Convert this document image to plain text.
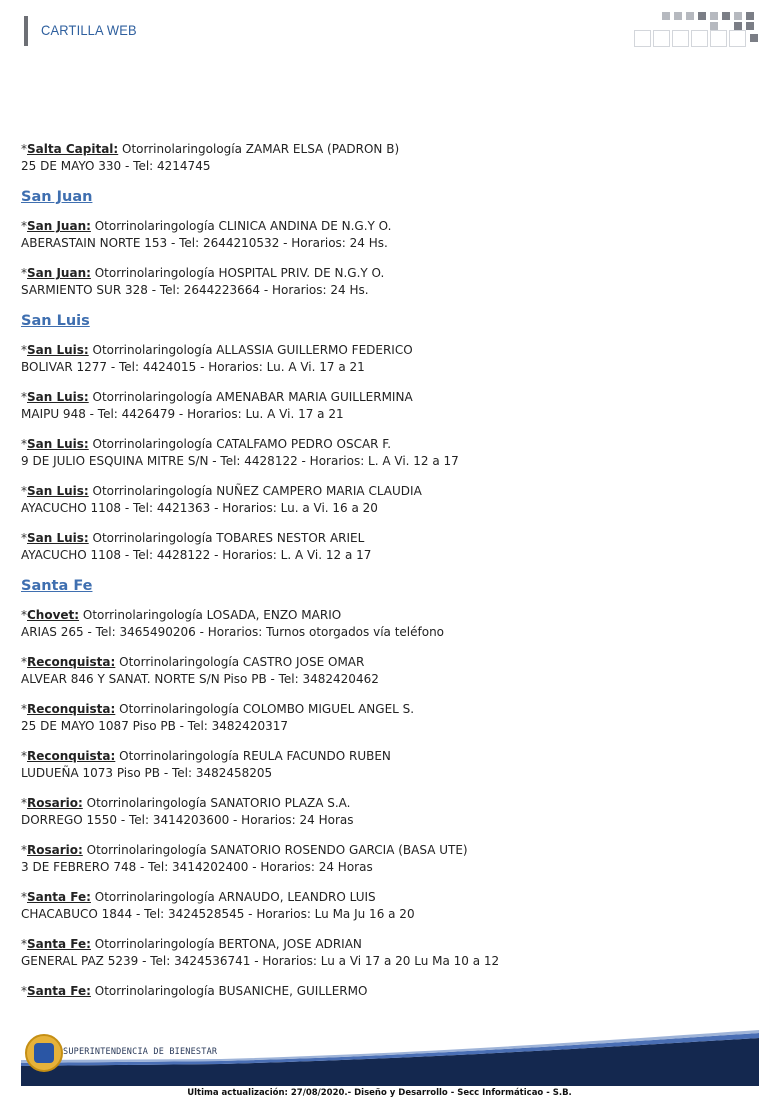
CARTILLA WEB
*Salta Capital: Otorrinolaringología ZAMAR ELSA (PADRON B)
25 DE MAYO 330 - Tel: 4214745
San Juan
*San Juan: Otorrinolaringología CLINICA ANDINA DE N.G.Y O.
ABERASTAIN NORTE 153 - Tel: 2644210532 - Horarios: 24 Hs.
*San Juan: Otorrinolaringología HOSPITAL PRIV. DE N.G.Y O.
SARMIENTO SUR 328 - Tel: 2644223664 - Horarios: 24 Hs.
San Luis
*San Luis: Otorrinolaringología ALLASSIA GUILLERMO FEDERICO
BOLIVAR 1277 - Tel: 4424015 - Horarios: Lu. A Vi. 17 a 21
*San Luis: Otorrinolaringología AMENABAR MARIA GUILLERMINA
MAIPU 948 - Tel: 4426479 - Horarios: Lu. A Vi. 17 a 21
*San Luis: Otorrinolaringología CATALFAMO PEDRO OSCAR F.
9 DE JULIO ESQUINA MITRE S/N - Tel: 4428122 - Horarios: L. A Vi. 12 a 17
*San Luis: Otorrinolaringología NUÑEZ CAMPERO MARIA CLAUDIA
AYACUCHO 1108 - Tel: 4421363 - Horarios: Lu. a Vi. 16 a 20
*San Luis: Otorrinolaringología TOBARES NESTOR ARIEL
AYACUCHO 1108 - Tel: 4428122 - Horarios: L. A Vi. 12 a 17
Santa Fe
*Chovet: Otorrinolaringología LOSADA, ENZO MARIO
ARIAS 265 - Tel: 3465490206 - Horarios: Turnos otorgados vía teléfono
*Reconquista: Otorrinolaringología CASTRO JOSE OMAR
ALVEAR 846 Y SANAT. NORTE S/N Piso PB - Tel: 3482420462
*Reconquista: Otorrinolaringología COLOMBO MIGUEL ANGEL S.
25 DE MAYO 1087 Piso PB - Tel: 3482420317
*Reconquista: Otorrinolaringología REULA FACUNDO RUBEN
LUDUEÑA 1073 Piso PB - Tel: 3482458205
*Rosario: Otorrinolaringología SANATORIO PLAZA S.A.
DORREGO 1550 - Tel: 3414203600 - Horarios: 24 Horas
*Rosario: Otorrinolaringología SANATORIO ROSENDO GARCIA (BASA UTE)
3 DE FEBRERO 748 - Tel: 3414202400 - Horarios: 24 Horas
*Santa Fe: Otorrinolaringología ARNAUDO, LEANDRO LUIS
CHACABUCO 1844 - Tel: 3424528545 - Horarios: Lu Ma Ju 16 a 20
*Santa Fe: Otorrinolaringología BERTONA, JOSE ADRIAN
GENERAL PAZ 5239 - Tel: 3424536741 - Horarios: Lu a Vi 17 a 20 Lu Ma 10 a 12
*Santa Fe: Otorrinolaringología BUSANICHE, GUILLERMO
SUPERINTENDENCIA DE BIENESTAR
Ultima actualización: 27/08/2020.- Diseño y Desarrollo - Secc Informáticao - S.B.
